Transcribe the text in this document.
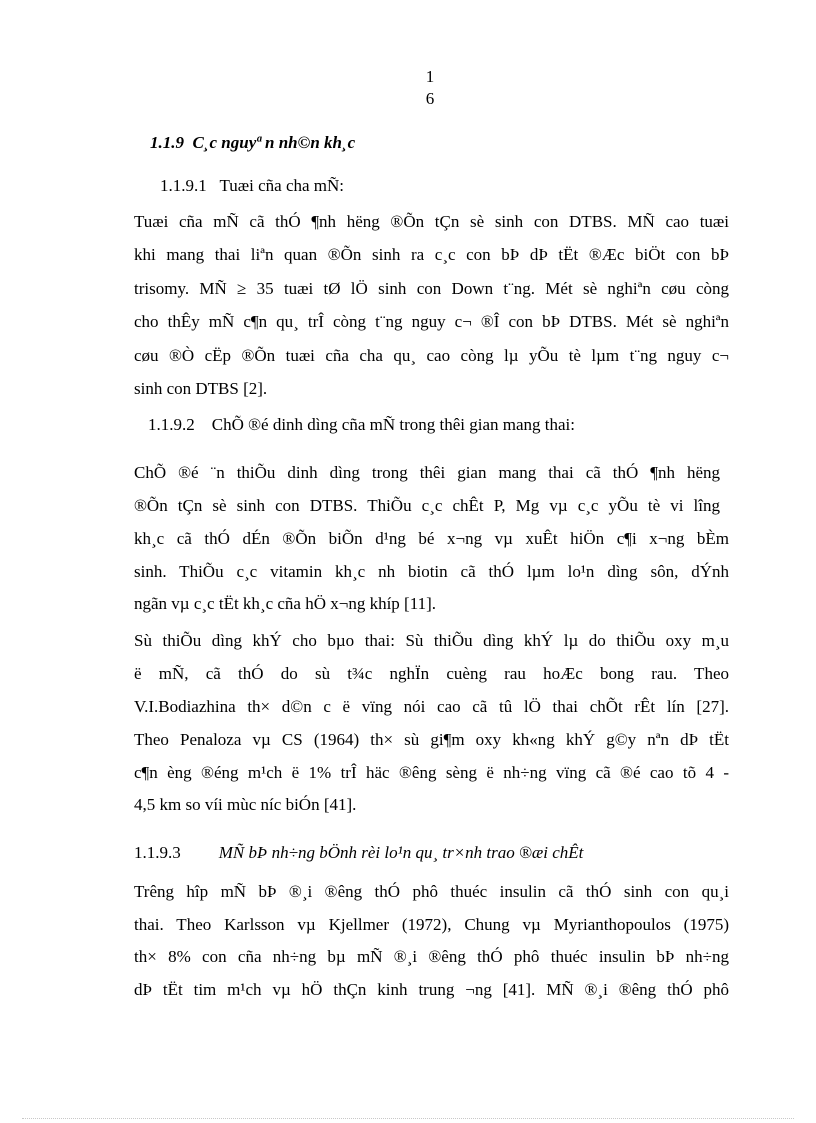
1
6
1.1.9 C¸c nguyª n nh©n kh¸c
1.1.9.1 Tuæi cña cha mÑ:
Tuæi cña mÑ cã thÓ ¶nh hëng ®Õn tÇn sè sinh con DTBS. MÑ cao tuæi
khi mang thai liªn quan ®Õn sinh ra c¸c con bÞ dÞ tËt ®Æc biÖt con bÞ
trisomy. MÑ ≥ 35 tuæi tØ lÖ sinh con Down t¨ng. Mét sè nghiªn cøu còng
cho thÊy mÑ c¶n qu¸ trÎ còng t¨ng nguy c¬ ®Î con bÞ DTBS. Mét sè nghiªn
cøu ®Ò cËp ®Õn tuæi cña cha qu¸ cao còng lµ yÕu tè lµm t¨ng nguy c¬
sinh con DTBS [2].
1.1.9.2 ChÕ ®é dinh dìng cña mÑ trong thêi gian mang thai:
ChÕ ®é ¨n thiÕu dinh dìng trong thêi gian mang thai cã thÓ ¶nh hëng
®Õn tÇn sè sinh con DTBS. ThiÕu c¸c chÊt P, Mg vµ c¸c yÕu tè vi lîng
kh¸c cã thÓ dÉn ®Õn biÕn d¹ng bé x¬ng vµ xuÊt hiÖn c¶i x¬ng bÈm
sinh. ThiÕu c¸c vitamin kh¸c nh biotin cã thÓ lµm lo¹n dìng sôn, dÝnh
ngãn vµ c¸c tËt kh¸c cña hÖ x¬ng khíp [11].
Sù thiÕu dìng khÝ cho bµo thai: Sù thiÕu dìng khÝ lµ do thiÕu oxy m¸u
ë mÑ, cã thÓ do sù t¾c nghÏn cuèng rau hoÆc bong rau. Theo
V.I.Bodiazhina th× d©n c ë vïng nói cao cã tû lÖ thai chÕt rÊt lín [27].
Theo Penaloza vµ CS (1964) th× sù gi¶m oxy kh«ng khÝ g©y nªn dÞ tËt
c¶n èng ®éng m¹ch ë 1% trÎ häc ®êng sèng ë nh÷ng vïng cã ®é cao tõ 4 -
4,5 km so víi mùc níc biÓn [41].
1.1.9.3 MÑ bÞ nh÷ng bÖnh rèi lo¹n qu¸ tr×nh trao ®æi chÊt
Trêng hîp mÑ bÞ ®¸i ®êng thÓ phô thuéc insulin cã thÓ sinh con qu¸i
thai. Theo Karlsson vµ Kjellmer (1972), Chung vµ Myrianthopoulos (1975)
th× 8% con cña nh÷ng bµ mÑ ®¸i ®êng thÓ phô thuéc insulin bÞ nh÷ng
dÞ tËt tim m¹ch vµ hÖ thÇn kinh trung ¬ng [41]. MÑ ®¸i ®êng thÓ phô
